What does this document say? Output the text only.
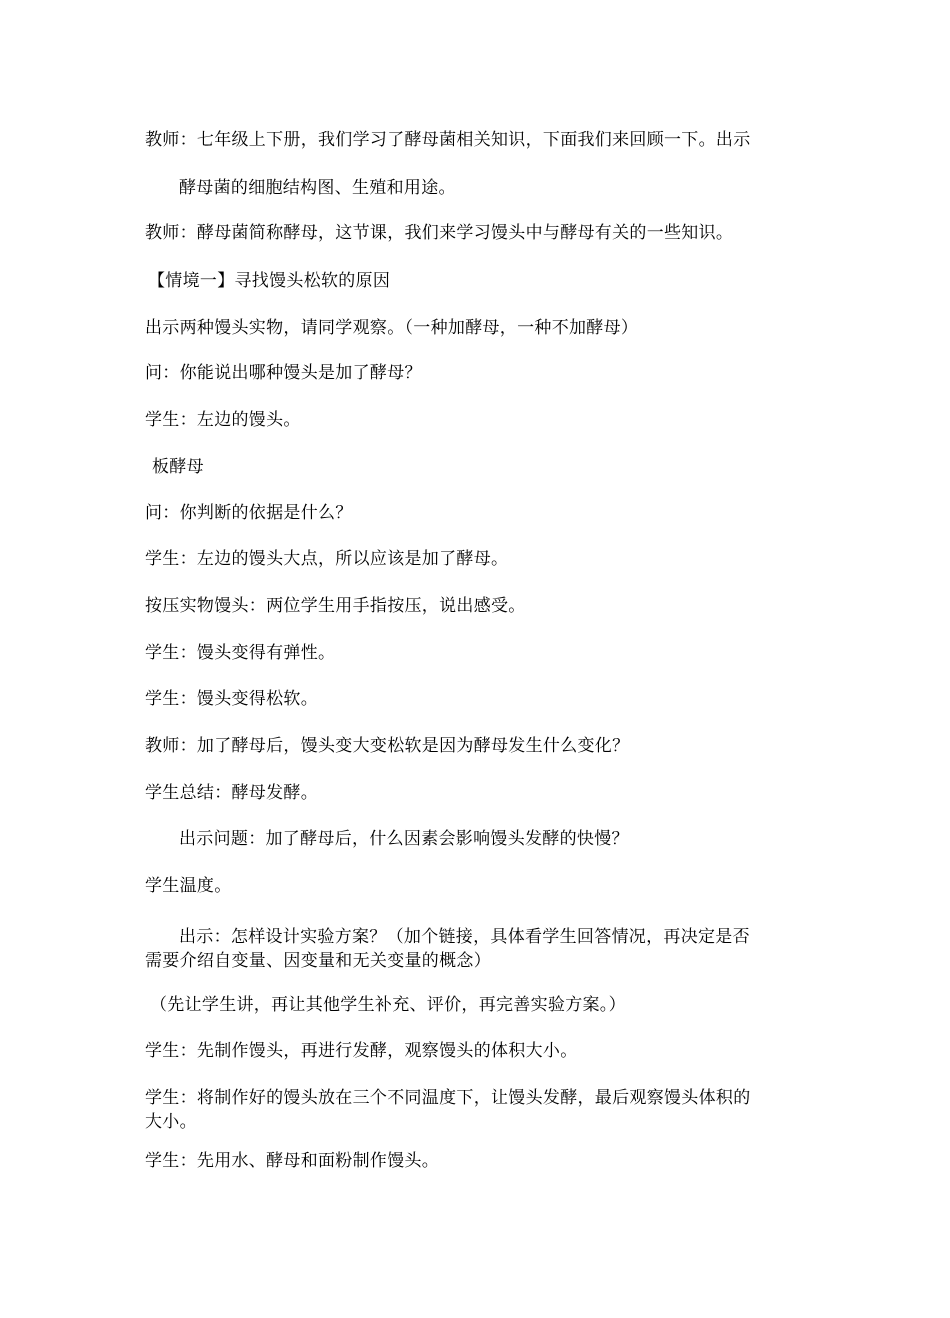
教师：七年级上下册，我们学习了酵母菌相关知识，下面我们来回顾一下。出示
酵母菌的细胞结构图、生殖和用途。
教师：酵母菌简称酵母，这节课，我们来学习馒头中与酵母有关的一些知识。
【情境一】寻找馒头松软的原因
出示两种馒头实物，请同学观察。（一种加酵母，一种不加酵母）
问：你能说出哪种馒头是加了酵母？
学生：左边的馒头。
板酵母
问：你判断的依据是什么？
学生：左边的馒头大点，所以应该是加了酵母。
按压实物馒头：两位学生用手指按压，说出感受。
学生：馒头变得有弹性。
学生：馒头变得松软。
教师：加了酵母后，馒头变大变松软是因为酵母发生什么变化？
学生总结：酵母发酵。
出示问题：加了酵母后，什么因素会影响馒头发酵的快慢？
学生温度。
出示：怎样设计实验方案？（加个链接，具体看学生回答情况，再决定是否
需要介绍自变量、因变量和无关变量的概念）
（先让学生讲，再让其他学生补充、评价，再完善实验方案。）
学生：先制作馒头，再进行发酵，观察馒头的体积大小。
学生：将制作好的馒头放在三个不同温度下，让馒头发酵，最后观察馒头体积的
大小。
学生：先用水、酵母和面粉制作馒头。
